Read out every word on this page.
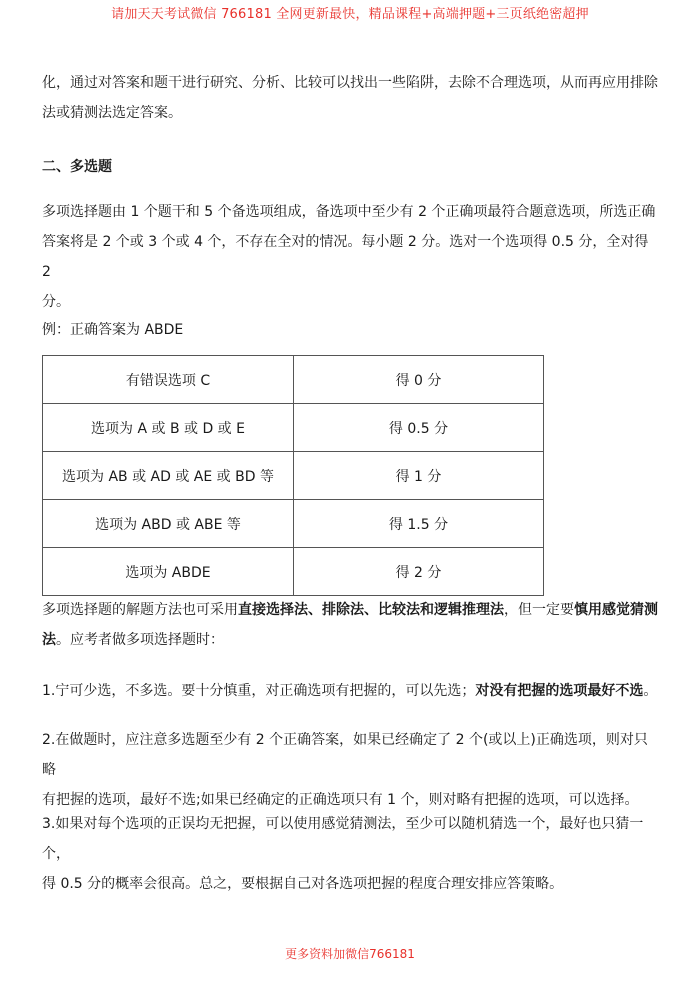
请加天天考试微信 766181 全网更新最快，精品课程+高端押题+三页纸绝密超押

化，通过对答案和题干进行研究、分析、比较可以找出一些陷阱，去除不合理选项，从而再应用排除
法或猜测法选定答案。

二、多选题

多项选择题由 1 个题干和 5 个备选项组成，备选项中至少有 2 个正确项最符合题意选项，所选正确
答案将是 2 个或 3 个或 4 个，不存在全对的情况。每小题 2 分。选对一个选项得 0.5 分，全对得 2
分。

例：正确答案为 ABDE

有错误选项 C	得 0 分
选项为 A 或 B 或 D 或 E	得 0.5 分
选项为 AB 或 AD 或 AE 或 BD 等	得 1 分
选项为 ABD 或 ABE 等	得 1.5 分
选项为 ABDE	得 2 分

多项选择题的解题方法也可采用直接选择法、排除法、比较法和逻辑推理法，但一定要慎用感觉猜测
法。应考者做多项选择题时：

1.宁可少选，不多选。要十分慎重，对正确选项有把握的，可以先选；对没有把握的选项最好不选。

2.在做题时，应注意多选题至少有 2 个正确答案，如果已经确定了 2 个(或以上)正确选项，则对只略
有把握的选项，最好不选;如果已经确定的正确选项只有 1 个，则对略有把握的选项，可以选择。

3.如果对每个选项的正误均无把握，可以使用感觉猜测法，至少可以随机猜选一个，最好也只猜一个，
得 0.5 分的概率会很高。总之，要根据自己对各选项把握的程度合理安排应答策略。

更多资料加微信766181
